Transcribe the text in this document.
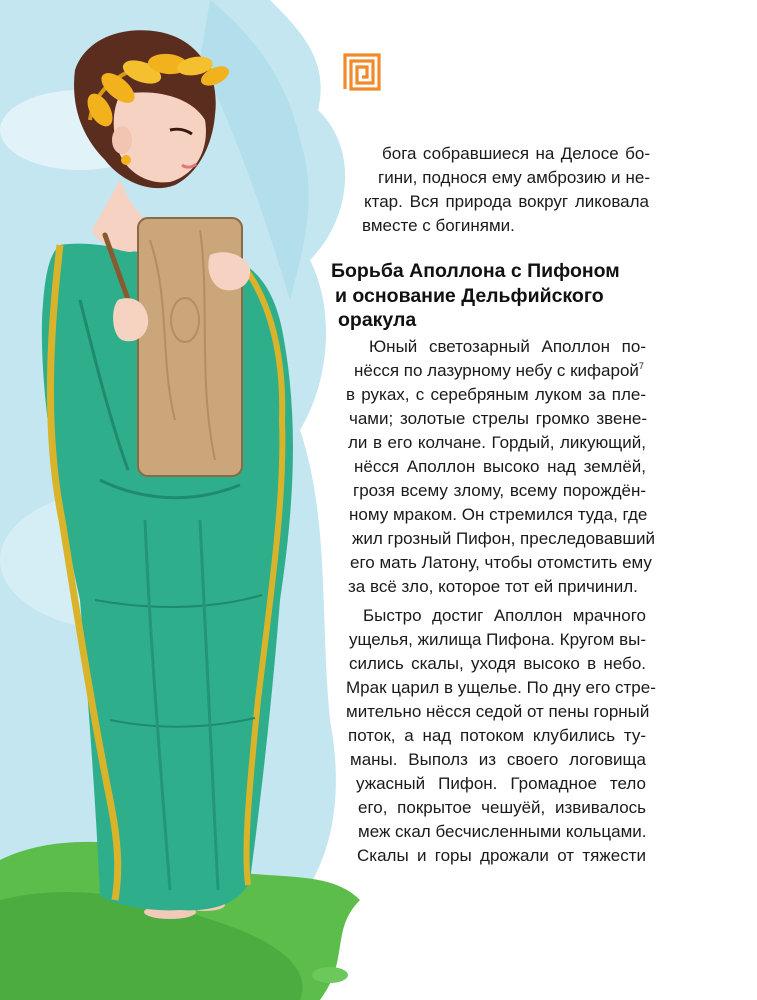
бога собравшиеся на Делосе бо-
гини, поднося ему амброзию и не-
ктар. Вся природа вокруг ликовала
вместе с богинями.
Борьба Аполлона с Пифоном
и основание Дельфийского
оракула
Юный светозарный Аполлон по-
нёсся по лазурному небу с кифарой$^7$
в руках, с серебряным луком за пле-
чами; золотые стрелы громко звене-
ли в его колчане. Гордый, ликующий,
нёсся Аполлон высоко над землёй,
грозя всему злому, всему порождён-
ному мраком. Он стремился туда, где
жил грозный Пифон, преследовавший
его мать Латону, чтобы отомстить ему
за всё зло, которое тот ей причинил.
Быстро достиг Аполлон мрачного
ущелья, жилища Пифона. Кругом вы-
сились скалы, уходя высоко в небо.
Мрак царил в ущелье. По дну его стре-
мительно нёсся седой от пены горный
поток, а над потоком клубились ту-
маны. Выполз из своего логовища
ужасный Пифон. Громадное тело
его, покрытое чешуёй, извивалось
меж скал бесчисленными кольцами.
Скалы и горы дрожали от тяжести
